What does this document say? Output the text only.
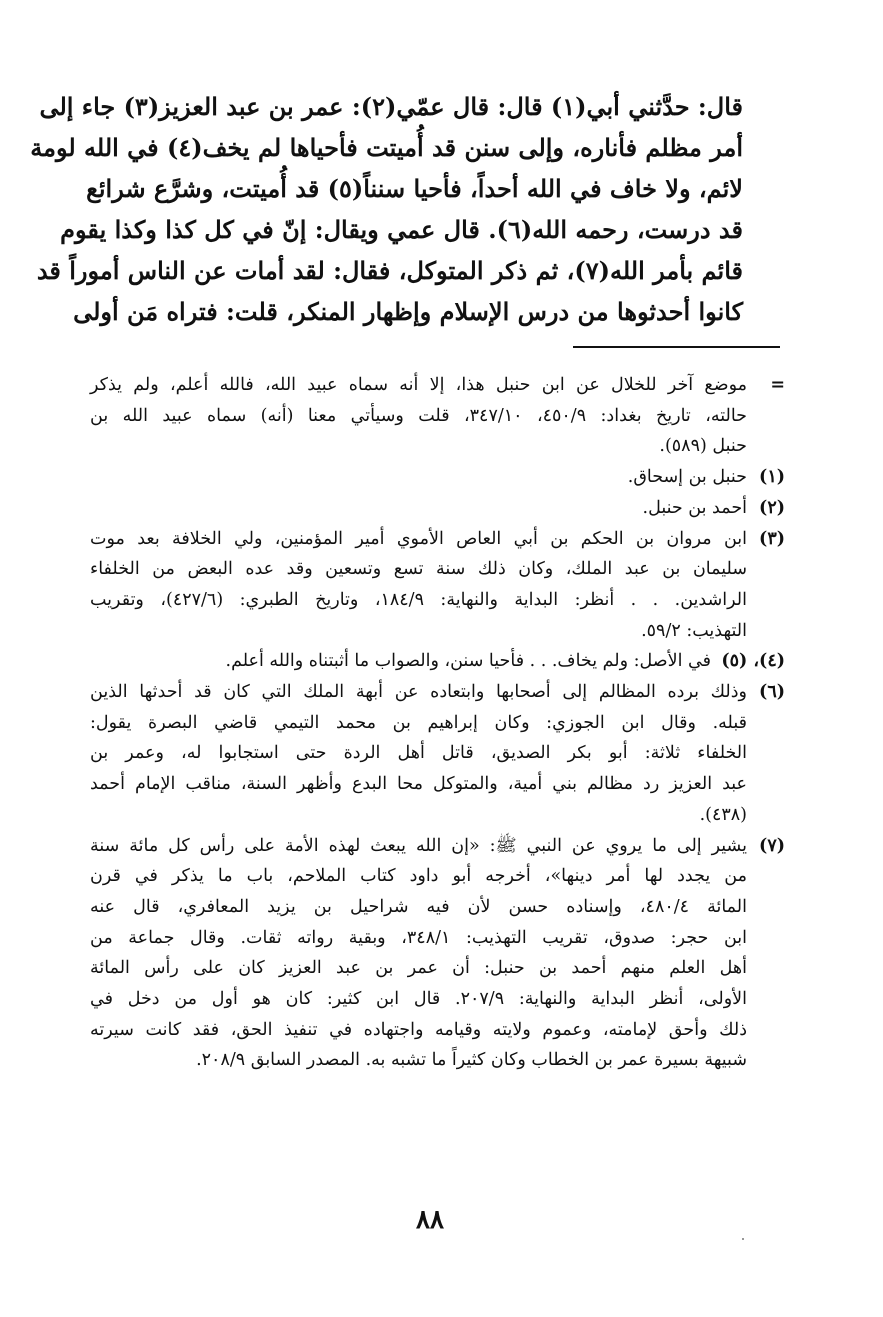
قال: حدَّثني أبي(١) قال: قال عمّي(٢): عمر بن عبد العزيز(٣) جاء إلى
أمر مظلم فأناره، وإلى سنن قد أُميتت فأحياها لم يخف(٤) في الله لومة
لائم، ولا خاف في الله أحداً، فأحيا سنناً(٥) قد أُميتت، وشرَّع شرائع
قد درست، رحمه الله(٦). قال عمي ويقال: إنّ في كل كذا وكذا يقوم
قائم بأمر الله(٧)، ثم ذكر المتوكل، فقال: لقد أمات عن الناس أموراً قد
كانوا أحدثوها من درس الإسلام وإظهار المنكر، قلت: فتراه مَن أولى
=
موضع آخر للخلال عن ابن حنبل هذا، إلا أنه سماه عبيد الله، فالله أعلم، ولم يذكر
حالته، تاريخ بغداد: ٤٥٠/٩، ٣٤٧/١٠، قلت وسيأتي معنا (أنه) سماه عبيد الله بن
حنبل (٥٨٩).
(١)
حنبل بن إسحاق.
(٢)
أحمد بن حنبل.
(٣)
ابن مروان بن الحكم بن أبي العاص الأموي أمير المؤمنين، ولي الخلافة بعد موت
سليمان بن عبد الملك، وكان ذلك سنة تسع وتسعين وقد عده البعض من الخلفاء
الراشدين. . . أنظر: البداية والنهاية: ١٨٤/٩، وتاريخ الطبري: (٤٢٧/٦)، وتقريب
التهذيب: ٥٩/٢.
(٤)، (٥)
في الأصل: ولم يخاف. . . فأحيا سنن، والصواب ما أثبتناه والله أعلم.
(٦)
وذلك برده المظالم إلى أصحابها وابتعاده عن أبهة الملك التي كان قد أحدثها الذين
قبله. وقال ابن الجوزي: وكان إبراهيم بن محمد التيمي قاضي البصرة يقول:
الخلفاء ثلاثة: أبو بكر الصديق، قاتل أهل الردة حتى استجابوا له، وعمر بن
عبد العزيز رد مظالم بني أمية، والمتوكل محا البدع وأظهر السنة، مناقب الإمام أحمد
(٤٣٨).
(٧)
يشير إلى ما يروي عن النبي ﷺ: «إن الله يبعث لهذه الأمة على رأس كل مائة سنة
من يجدد لها أمر دينها»، أخرجه أبو داود كتاب الملاحم، باب ما يذكر في قرن
المائة ٤٨٠/٤، وإسناده حسن لأن فيه شراحيل بن يزيد المعافري، قال عنه
ابن حجر: صدوق، تقريب التهذيب: ٣٤٨/١، وبقية رواته ثقات. وقال جماعة من
أهل العلم منهم أحمد بن حنبل: أن عمر بن عبد العزيز كان على رأس المائة
الأولى، أنظر البداية والنهاية: ٢٠٧/٩. قال ابن كثير: كان هو أول من دخل في
ذلك وأحق لإمامته، وعموم ولايته وقيامه واجتهاده في تنفيذ الحق، فقد كانت سيرته
شبيهة بسيرة عمر بن الخطاب وكان كثيراً ما تشبه به. المصدر السابق ٢٠٨/٩.
٨٨
